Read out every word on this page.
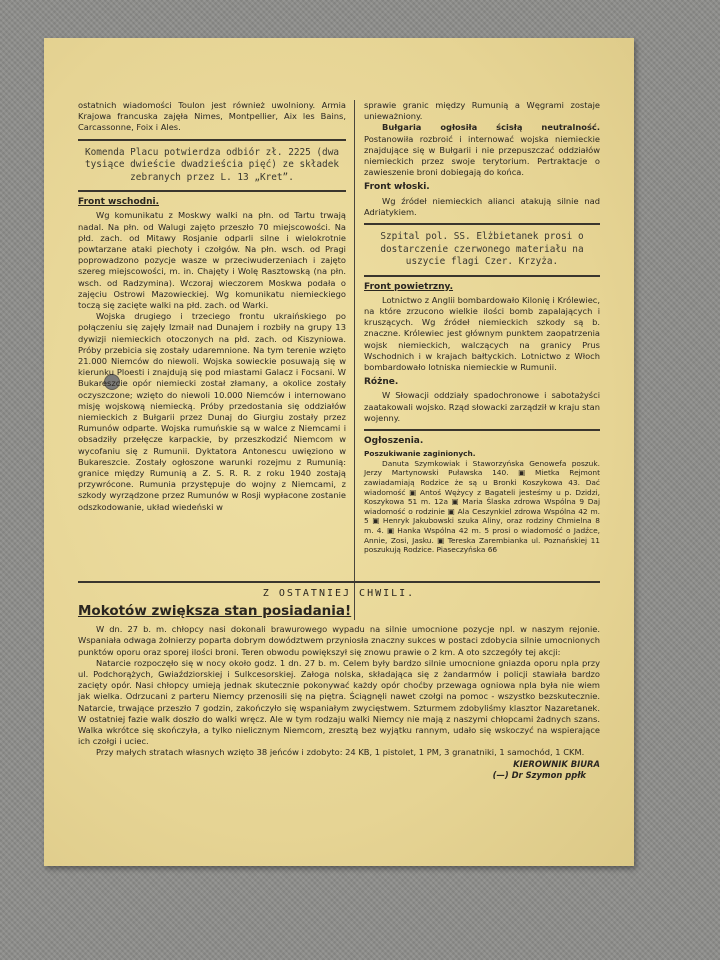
ostatnich wiadomości Toulon jest również uwolniony. Armia Krajowa francuska zajęła Nimes, Montpellier, Aix les Bains, Carcassonne, Foix i Ales.

Komenda Placu potwierdza odbiór zł. 2225 (dwa tysiące dwieście dwadzieścia pięć) ze składek zebranych przez L. 13 „Kret”.
Front wschodni.

Wg komunikatu z Moskwy walki na płn. od Tartu trwają nadal. Na płn. od Walugi zajęto przeszło 70 miejscowości. Na płd. zach. od Mitawy Rosjanie odparli silne i wielokrotnie powtarzane ataki piechoty i czołgów. Na płn. wsch. od Pragi poprowadzono pozycje wasze w przeciwuderzeniach i zajęto szereg miejscowości, m. in. Chajęty i Wolę Rasztowską (na płn. wsch. od Radzymina). Wczoraj wieczorem Moskwa podała o zajęciu Ostrowi Mazowieckiej. Wg komunikatu niemieckiego toczą się zacięte walki na płd. zach. od Warki.

Wojska drugiego i trzeciego frontu ukraińskiego po połączeniu się zajęły Izmaił nad Dunajem i rozbiły na grupy 13 dywizji niemieckich otoczonych na płd. zach. od Kiszyniowa. Próby przebicia się zostały udaremnione. Na tym terenie wzięto 21.000 Niemców do niewoli. Wojska sowieckie posuwają się w kierunku Ploesti i znajdują się pod miastami Galacz i Focsani. W Bukareszcie opór niemiecki został złamany, a okolice zostały oczyszczone; wzięto do niewoli 10.000 Niemców i internowano misję wojskową niemiecką. Próby przedostania się oddziałów niemieckich z Bułgarii przez Dunaj do Giurgiu zostały przez Rumunów odparte. Wojska rumuńskie są w walce z Niemcami i obsadziły przełęcze karpackie, by przeszkodzić Niemcom w wycofaniu się z Rumunii. Dyktatora Antonescu uwięziono w Bukareszcie. Zostały ogłoszone warunki rozejmu z Rumunią: granice między Rumunią a Z. S. R. R. z roku 1940 zostają przywrócone. Rumunia przystępuje do wojny z Niemcami, z szkody wyrządzone przez Rumunów w Rosji wypłacone zostanie odszkodowanie, układ wiedeński w

sprawie granic między Rumunią a Węgrami zostaje unieważniony.

Bułgaria ogłosiła ścisłą neutralność. Postanowiła rozbroić i internować wojska niemieckie znajdujące się w Bułgarii i nie przepuszczać oddziałów niemieckich przez swoje terytorium. Pertraktacje o zawieszenie broni dobiegają do końca.

Front włoski.

Wg źródeł niemieckich alianci atakują silnie nad Adriatykiem.

Szpital pol. SS. Elżbietanek prosi o dostarczenie czerwonego materiału na uszycie flagi Czer. Krzyża.
Front powietrzny.

Lotnictwo z Anglii bombardowało Kilonię i Królewiec, na które zrzucono wielkie ilości bomb zapalających i kruszących. Wg źródeł niemieckich szkody są b. znaczne. Królewiec jest głównym punktem zaopatrzenia wojsk niemieckich, walczących na granicy Prus Wschodnich i w krajach bałtyckich. Lotnictwo z Włoch bombardowało lotniska niemieckie w Rumunii.

Różne.

W Słowacji oddziały spadochronowe i sabotażyści zaatakowali wojsko. Rząd słowacki zarządził w kraju stan wojenny.

Ogłoszenia.
Poszukiwanie zaginionych.

Danuta Szymkowiak i Staworzyńska Genowefa poszuk. Jerzy Martynowski Puławska 140. ▣ Mietka Rejmont zawiadamiają Rodzice że są u Bronki Koszykowa 43. Dać wiadomość ▣ Antoś Wężycy z Bagateli jesteśmy u p. Dzidzi, Koszykowa 51 m. 12a ▣ Maria Ślaska zdrowa Wspólna 9 Daj wiadomość o rodzinie ▣ Ala Ceszynkiel zdrowa Wspólna 42 m. 5 ▣ Henryk Jakubowski szuka Aliny, oraz rodziny Chmielna 8 m. 4. ▣ Hanka Wspólna 42 m. 5 prosi o wiadomość o Jadźce, Annie, Zosi, Jasku. ▣ Tereska Zarembianka ul. Poznańskiej 11 poszukują Rodzice. Piaseczyńska 66

Z OSTATNIEJ CHWILI.

Mokotów zwiększa stan posiadania!

W dn. 27 b. m. chłopcy nasi dokonali brawurowego wypadu na silnie umocnione pozycje npl. w naszym rejonie. Wspaniała odwaga żołnierzy poparta dobrym dowództwem przyniosła znaczny sukces w postaci zdobycia silnie umocnionych punktów oporu oraz sporej ilości broni. Teren obwodu powiększył się znowu prawie o 2 km. A oto szczegóły tej akcji:

Natarcie rozpoczęło się w nocy około godz. 1 dn. 27 b. m. Celem były bardzo silnie umocnione gniazda oporu npla przy ul. Podchorążych, Gwiaździorskiej i Sulkcesorskiej. Załoga nolska, składająca się z żandarmów i policji stawiała bardzo zacięty opór. Nasi chłopcy umieją jednak skutecznie pokonywać każdy opór choćby przewaga ogniowa npla była nie wiem jak wielka. Odrzucani z parteru Niemcy przenosili się na piętra. Ściągnęli nawet czołgi na pomoc - wszystko bezskutecznie. Natarcie, trwające przeszło 7 godzin, zakończyło się wspaniałym zwycięstwem. Szturmem zdobyliśmy klasztor Nazaretanek. W ostatniej fazie walk doszło do walki wręcz. Ale w tym rodzaju walki Niemcy nie mają z naszymi chłopcami żadnych szans. Walka wkrótce się skończyła, a tylko nielicznym Niemcom, zresztą bez wyjątku rannym, udało się wskoczyć na wspierające ich czołgi i uciec.

Przy małych stratach własnych wzięto 38 jeńców i zdobyto: 24 KB, 1 pistolet, 1 PM, 3 granatniki, 1 samochód, 1 CKM.

KIEROWNIK BIURA
(—) Dr Szymon ppłk
